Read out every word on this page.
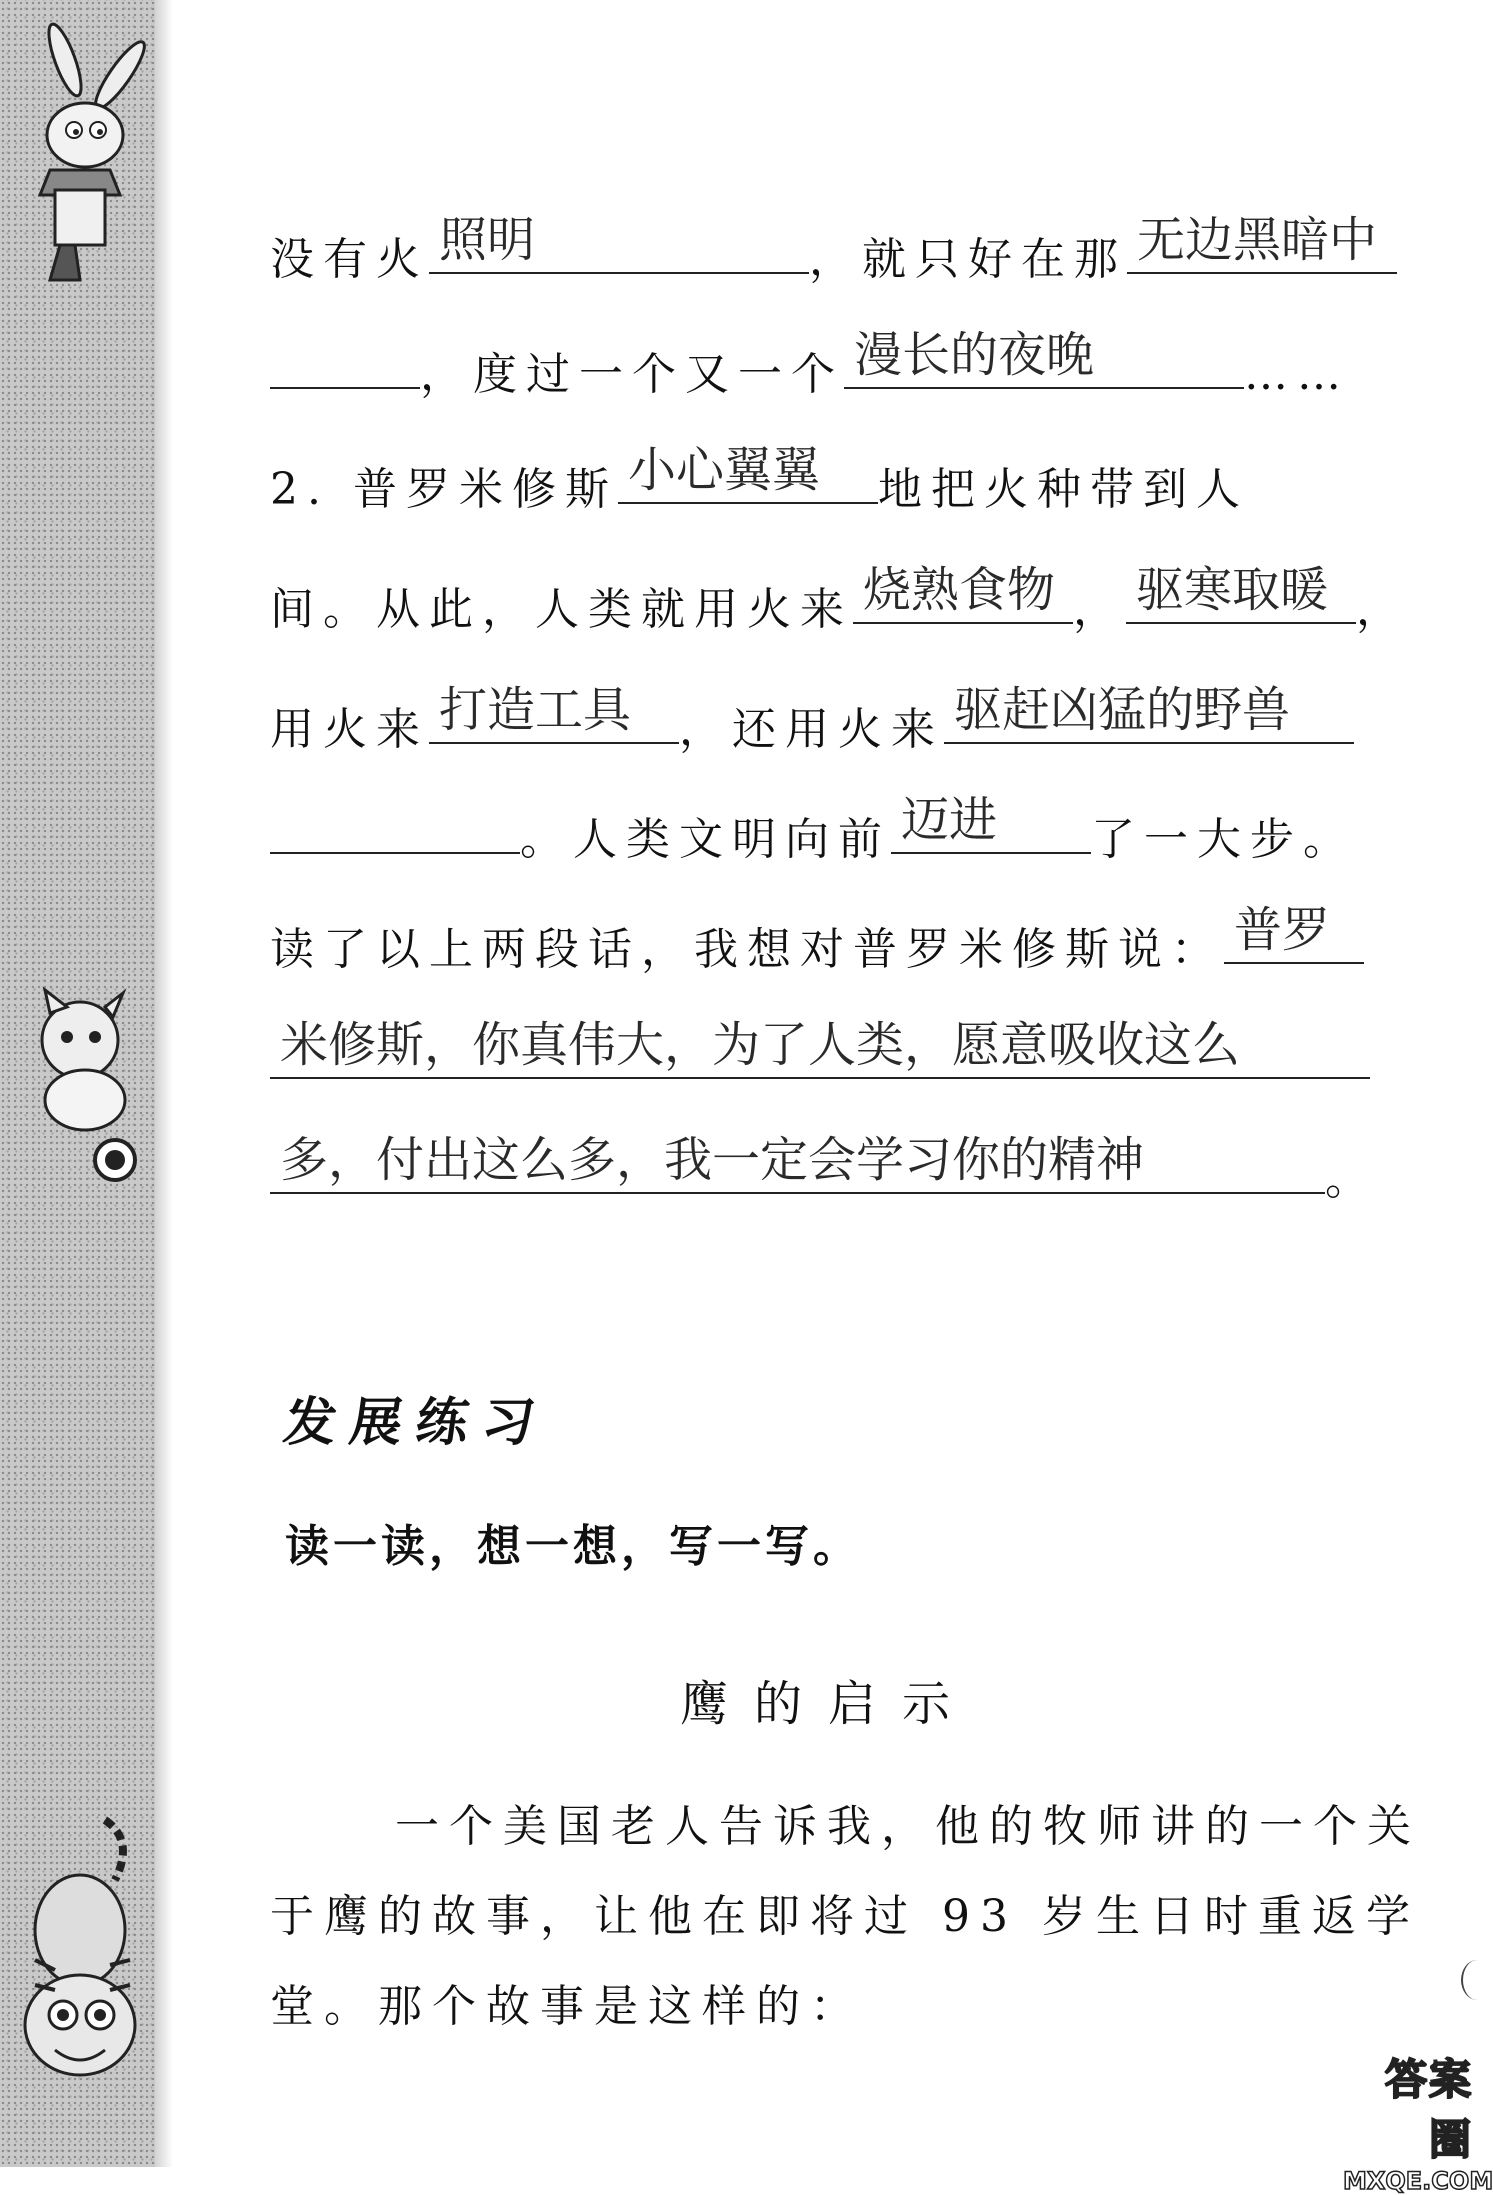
没有火 照明	，就只好在那 无边黑暗中
，度过一个又一个 漫长的夜晚	……
2. 普罗米修斯 小心翼翼 地把火种带到人
间。从此，人类就用火来 烧熟食物 ， 驱寒取暖 ，
用火来 打造工具 ，还用火来 驱赶凶猛的野兽
。人类文明向前 迈进 了一大步。
读了以上两段话，我想对普罗米修斯说： 普罗
米修斯，你真伟大，为了人类，愿意吸收这么
多，付出这么多，我一定会学习你的精神	。
发展练习
读一读，想一想，写一写。
鹰的启示
一个美国老人告诉我，他的牧师讲的一个关
于鹰的故事，让他在即将过 93 岁生日时重返学
堂。那个故事是这样的：
答案圈
MXQE.COM
